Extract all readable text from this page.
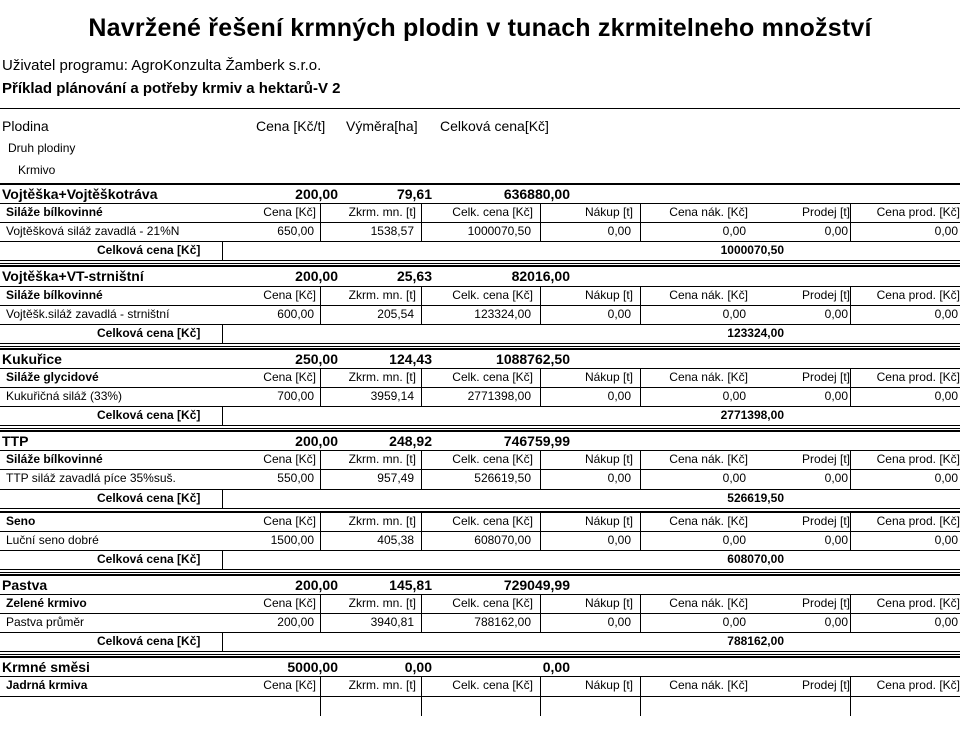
Navržené řešení krmných plodin v tunach zkrmitelneho množství
Uživatel programu: AgroKonzulta Žamberk s.r.o.
Příklad plánování a potřeby krmiv a hektarů-V 2
Plodina	Cena [Kč/t] Výměra[ha] Celková cena[Kč]
Druh plodiny
Krmivo
Vojtěška+Vojtěškotráva	200,00	79,61	636880,00
Siláže bílkovinné	Cena [Kč]	Zkrm. mn. [t]	Celk. cena [Kč]	Nákup [t]	Cena nák. [Kč]	Prodej [t]	Cena prod. [Kč]
Vojtěšková siláž zavadlá - 21%N	650,00	1538,57	1000070,50	0,00	0,00	0,00	0,00
Celková cena [Kč]	1000070,50
Vojtěška+VT-strništní	200,00	25,63	82016,00
Siláže bílkovinné	Cena [Kč]	Zkrm. mn. [t]	Celk. cena [Kč]	Nákup [t]	Cena nák. [Kč]	Prodej [t]	Cena prod. [Kč]
Vojtěšk.siláž zavadlá - strništní	600,00	205,54	123324,00	0,00	0,00	0,00	0,00
Celková cena [Kč]	123324,00
Kukuřice	250,00	124,43	1088762,50
Siláže glycidové	Cena [Kč]	Zkrm. mn. [t]	Celk. cena [Kč]	Nákup [t]	Cena nák. [Kč]	Prodej [t]	Cena prod. [Kč]
Kukuřičná siláž (33%)	700,00	3959,14	2771398,00	0,00	0,00	0,00	0,00
Celková cena [Kč]	2771398,00
TTP	200,00	248,92	746759,99
Siláže bílkovinné	Cena [Kč]	Zkrm. mn. [t]	Celk. cena [Kč]	Nákup [t]	Cena nák. [Kč]	Prodej [t]	Cena prod. [Kč]
TTP siláž zavadlá píce 35%suš.	550,00	957,49	526619,50	0,00	0,00	0,00	0,00
Celková cena [Kč]	526619,50
Seno	Cena [Kč]	Zkrm. mn. [t]	Celk. cena [Kč]	Nákup [t]	Cena nák. [Kč]	Prodej [t]	Cena prod. [Kč]
Luční seno dobré	1500,00	405,38	608070,00	0,00	0,00	0,00	0,00
Celková cena [Kč]	608070,00
Pastva	200,00	145,81	729049,99
Zelené krmivo	Cena [Kč]	Zkrm. mn. [t]	Celk. cena [Kč]	Nákup [t]	Cena nák. [Kč]	Prodej [t]	Cena prod. [Kč]
Pastva průměr	200,00	3940,81	788162,00	0,00	0,00	0,00	0,00
Celková cena [Kč]	788162,00
Krmné směsi	5000,00	0,00	0,00
Jadrná krmiva	Cena [Kč]	Zkrm. mn. [t]	Celk. cena [Kč]	Nákup [t]	Cena nák. [Kč]	Prodej [t]	Cena prod. [Kč]
